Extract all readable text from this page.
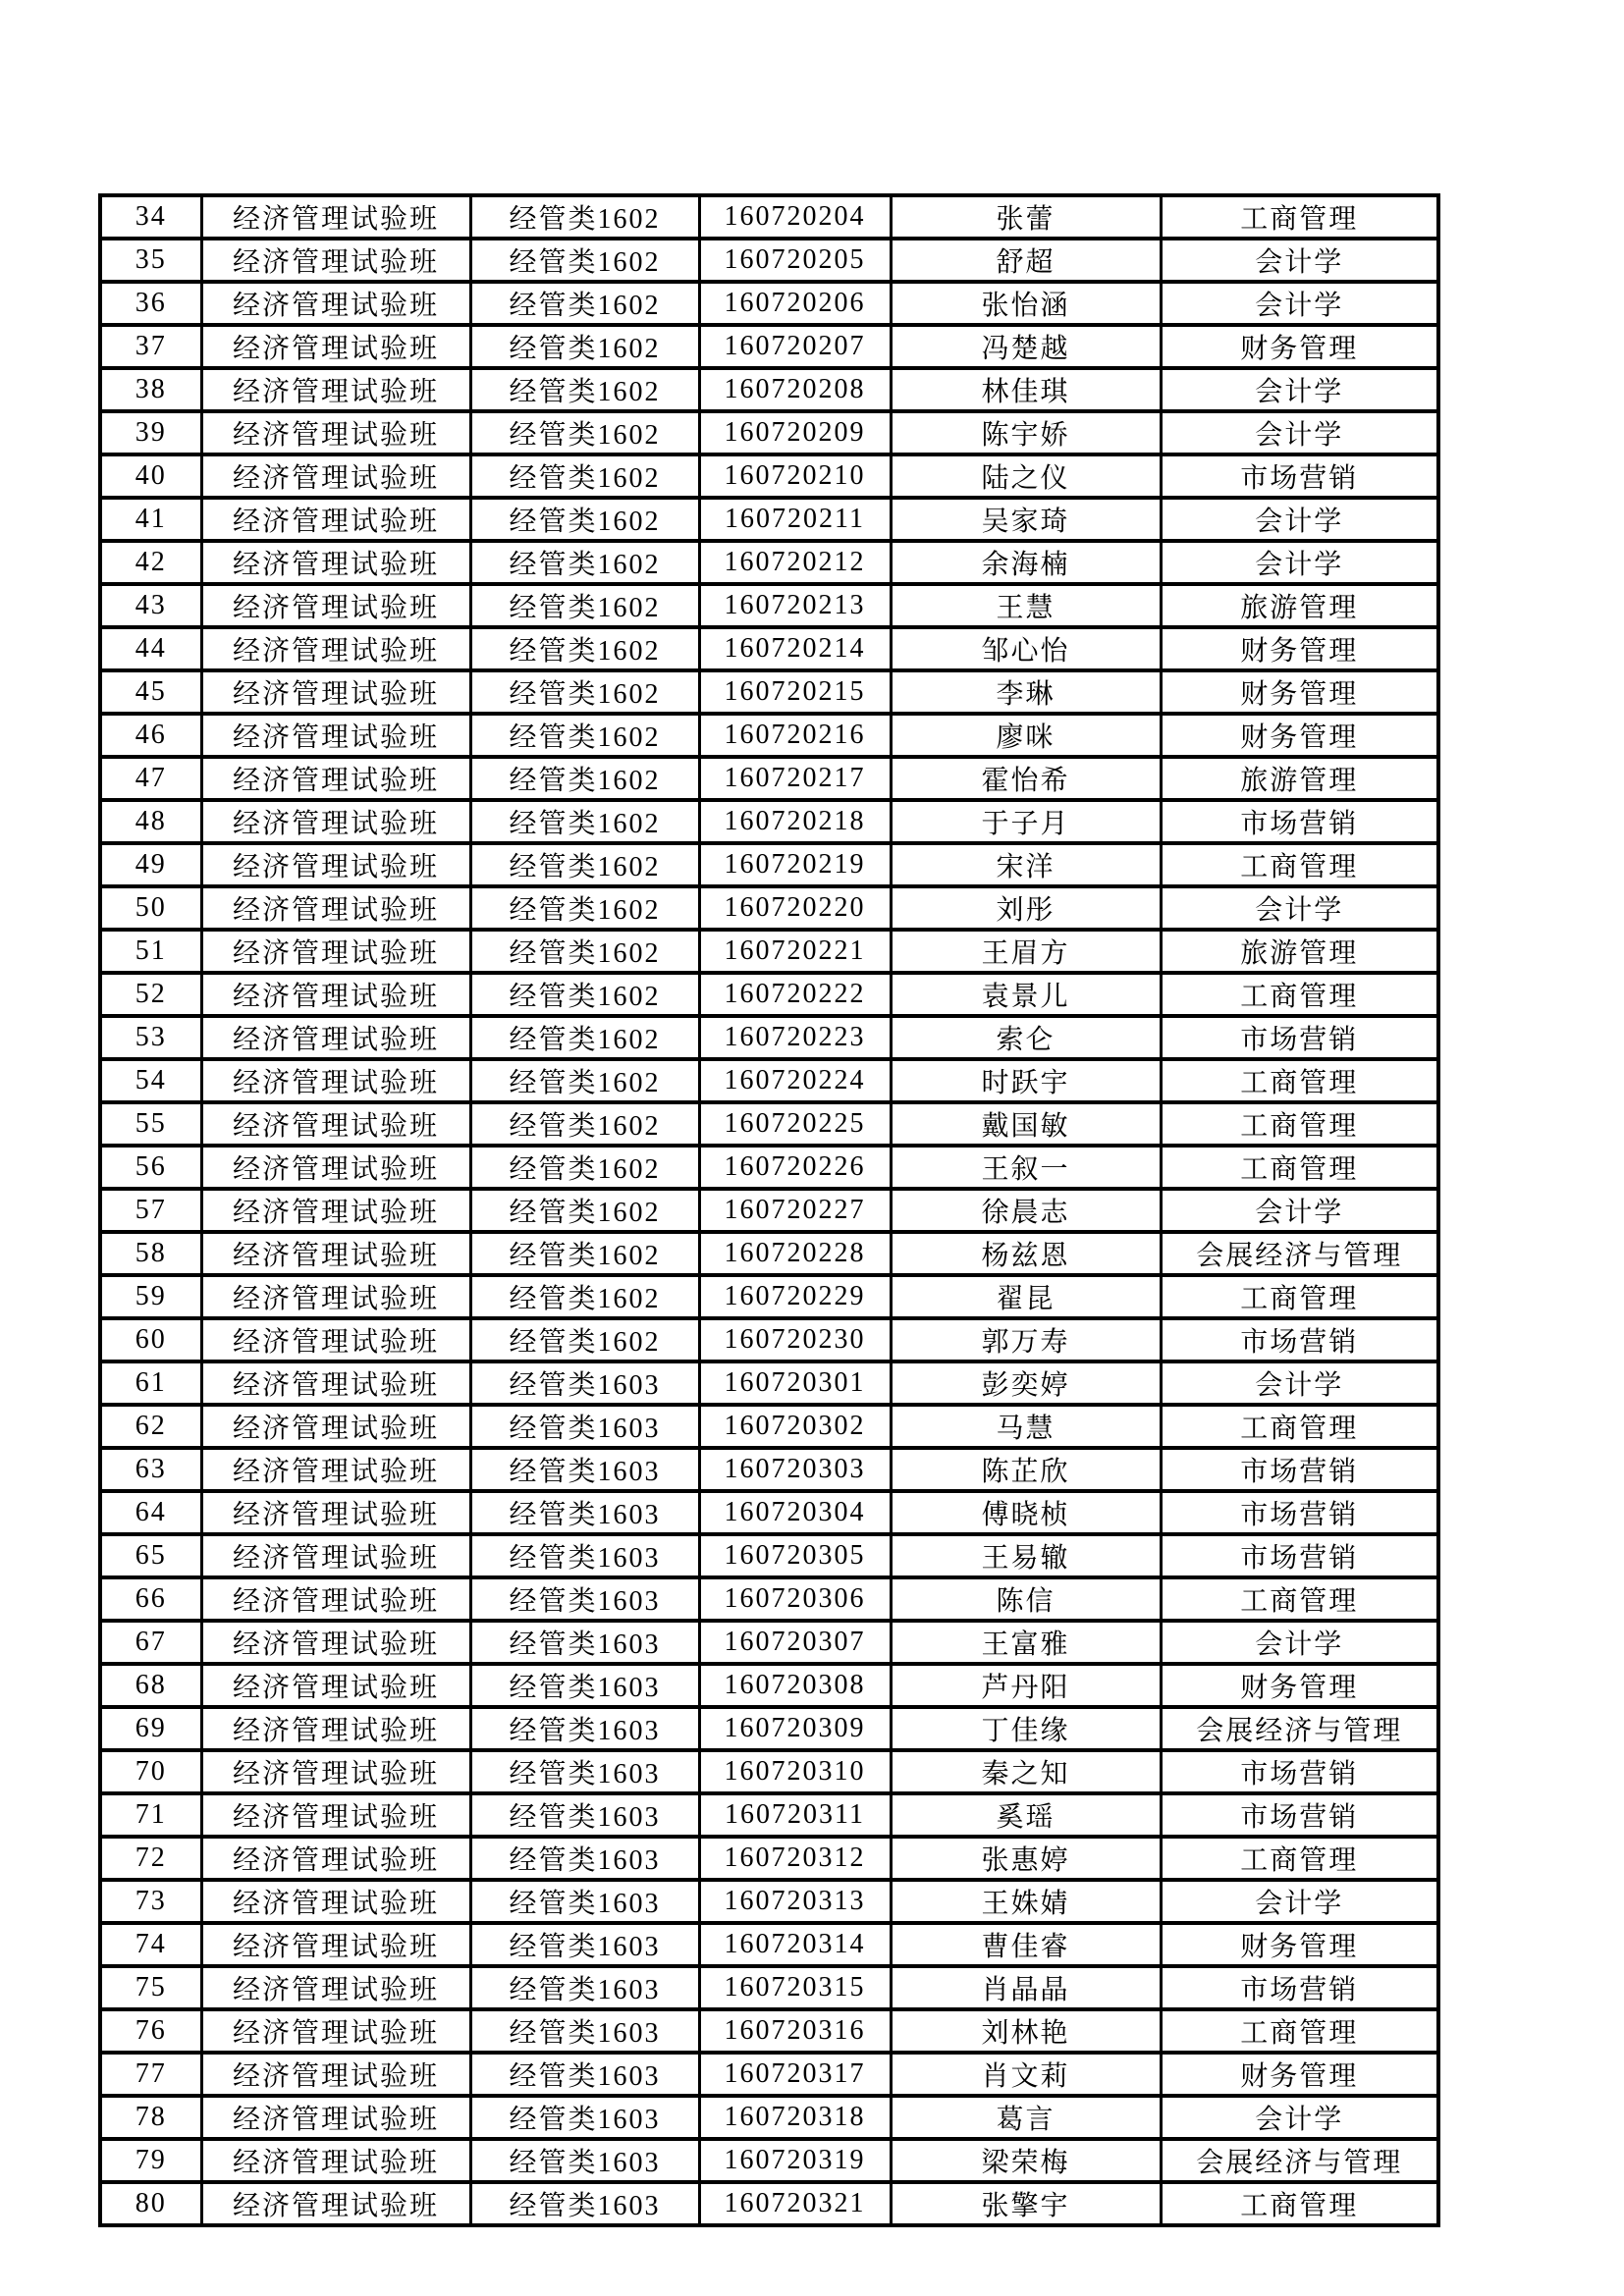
34	经济管理试验班	经管类1602	160720204	张蕾	工商管理
35	经济管理试验班	经管类1602	160720205	舒超	会计学
36	经济管理试验班	经管类1602	160720206	张怡涵	会计学
37	经济管理试验班	经管类1602	160720207	冯楚越	财务管理
38	经济管理试验班	经管类1602	160720208	林佳琪	会计学
39	经济管理试验班	经管类1602	160720209	陈宇娇	会计学
40	经济管理试验班	经管类1602	160720210	陆之仪	市场营销
41	经济管理试验班	经管类1602	160720211	吴家琦	会计学
42	经济管理试验班	经管类1602	160720212	余海楠	会计学
43	经济管理试验班	经管类1602	160720213	王慧	旅游管理
44	经济管理试验班	经管类1602	160720214	邹心怡	财务管理
45	经济管理试验班	经管类1602	160720215	李琳	财务管理
46	经济管理试验班	经管类1602	160720216	廖咪	财务管理
47	经济管理试验班	经管类1602	160720217	霍怡希	旅游管理
48	经济管理试验班	经管类1602	160720218	于子月	市场营销
49	经济管理试验班	经管类1602	160720219	宋洋	工商管理
50	经济管理试验班	经管类1602	160720220	刘彤	会计学
51	经济管理试验班	经管类1602	160720221	王眉方	旅游管理
52	经济管理试验班	经管类1602	160720222	袁景儿	工商管理
53	经济管理试验班	经管类1602	160720223	索仑	市场营销
54	经济管理试验班	经管类1602	160720224	时跃宇	工商管理
55	经济管理试验班	经管类1602	160720225	戴国敏	工商管理
56	经济管理试验班	经管类1602	160720226	王叙一	工商管理
57	经济管理试验班	经管类1602	160720227	徐晨志	会计学
58	经济管理试验班	经管类1602	160720228	杨兹恩	会展经济与管理
59	经济管理试验班	经管类1602	160720229	翟昆	工商管理
60	经济管理试验班	经管类1602	160720230	郭万寿	市场营销
61	经济管理试验班	经管类1603	160720301	彭奕婷	会计学
62	经济管理试验班	经管类1603	160720302	马慧	工商管理
63	经济管理试验班	经管类1603	160720303	陈芷欣	市场营销
64	经济管理试验班	经管类1603	160720304	傅晓桢	市场营销
65	经济管理试验班	经管类1603	160720305	王易辙	市场营销
66	经济管理试验班	经管类1603	160720306	陈信	工商管理
67	经济管理试验班	经管类1603	160720307	王富雅	会计学
68	经济管理试验班	经管类1603	160720308	芦丹阳	财务管理
69	经济管理试验班	经管类1603	160720309	丁佳缘	会展经济与管理
70	经济管理试验班	经管类1603	160720310	秦之知	市场营销
71	经济管理试验班	经管类1603	160720311	奚瑶	市场营销
72	经济管理试验班	经管类1603	160720312	张惠婷	工商管理
73	经济管理试验班	经管类1603	160720313	王姝婧	会计学
74	经济管理试验班	经管类1603	160720314	曹佳睿	财务管理
75	经济管理试验班	经管类1603	160720315	肖晶晶	市场营销
76	经济管理试验班	经管类1603	160720316	刘林艳	工商管理
77	经济管理试验班	经管类1603	160720317	肖文莉	财务管理
78	经济管理试验班	经管类1603	160720318	葛言	会计学
79	经济管理试验班	经管类1603	160720319	梁荣梅	会展经济与管理
80	经济管理试验班	经管类1603	160720321	张擎宇	工商管理
